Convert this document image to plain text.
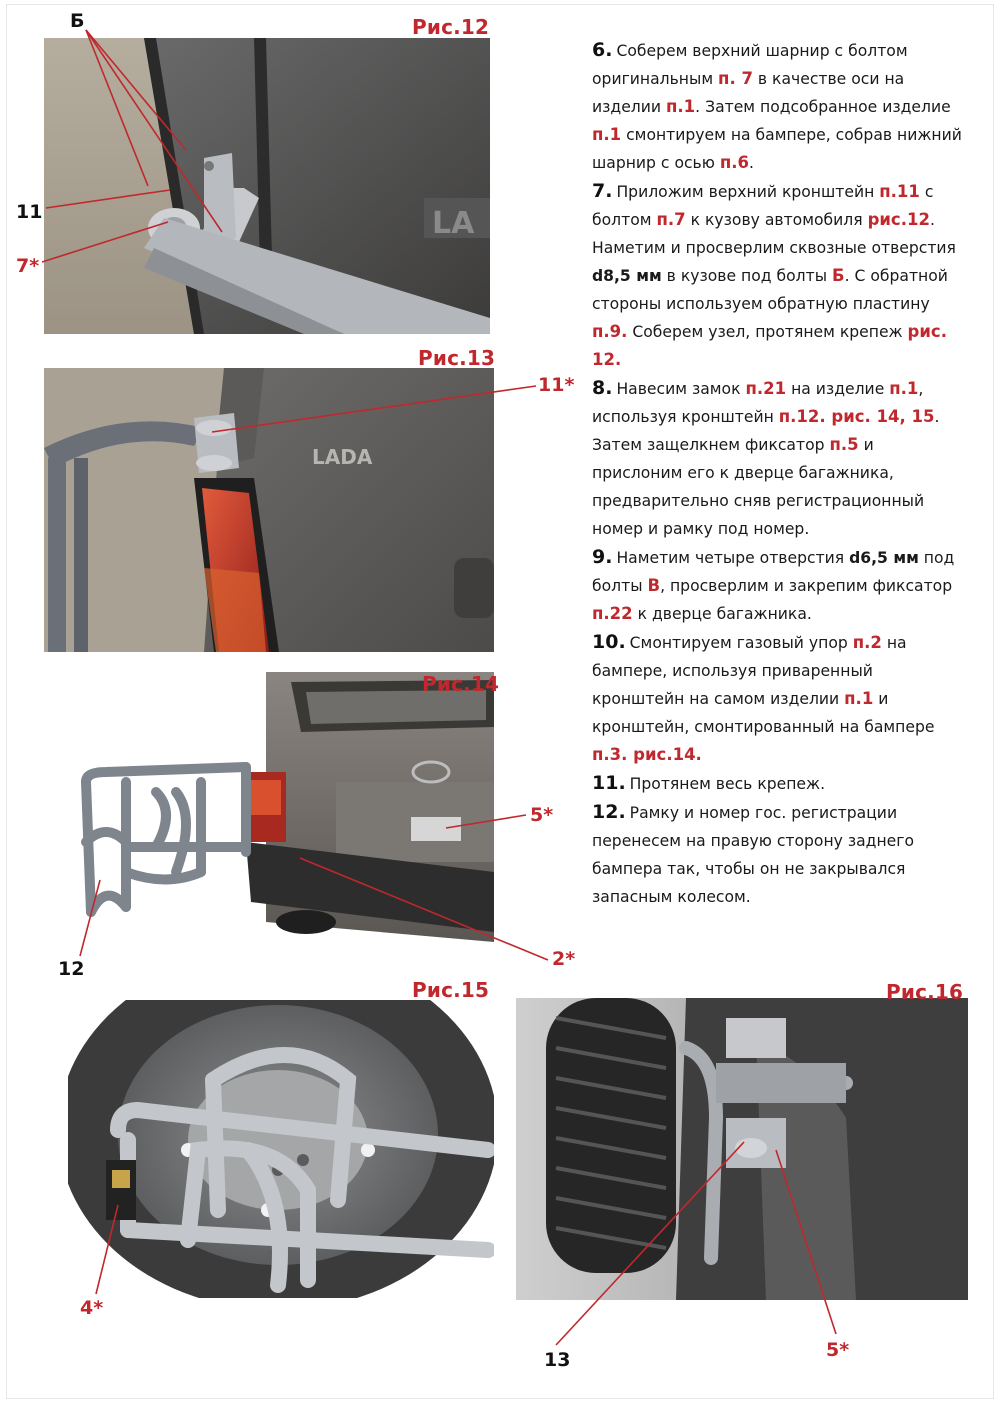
LA
Рис.12
Б
11
7*
LADA
Рис.13
11*
Рис.14
5*
12	2*
Рис.15
4*
Рис.16
13	5*

6. Соберем верхний шарнир с болтом оригинальным п. 7 в качестве оси на изделии п.1. Затем подсобранное изделие п.1 смонтируем на бампере, собрав нижний шарнир с осью п.6.

7. Приложим верхний кронштейн п.11 с болтом п.7 к кузову автомобиля рис.12. Наметим и просверлим сквозные отверстия d8,5 мм в кузове под болты Б. С обратной стороны используем обратную пластину п.9. Соберем узел, протянем крепеж рис. 12.

8. Навесим замок п.21 на изделие п.1, используя кронштейн п.12. рис. 14, 15. Затем защелкнем фиксатор п.5 и прислоним его к дверце багажника, предварительно сняв регистрационный номер и рамку под номер.

9. Наметим четыре отверстия d6,5 мм под болты В, просверлим и закрепим фиксатор п.22 к дверце багажника.

10. Смонтируем газовый упор п.2 на бампере, используя приваренный кронштейн на самом изделии п.1 и кронштейн, смонтированный на бампере п.3. рис.14.

11. Протянем весь крепеж.

12. Рамку и номер гос. регистрации перенесем на правую сторону заднего бампера так, чтобы он не закрывался запасным колесом.
